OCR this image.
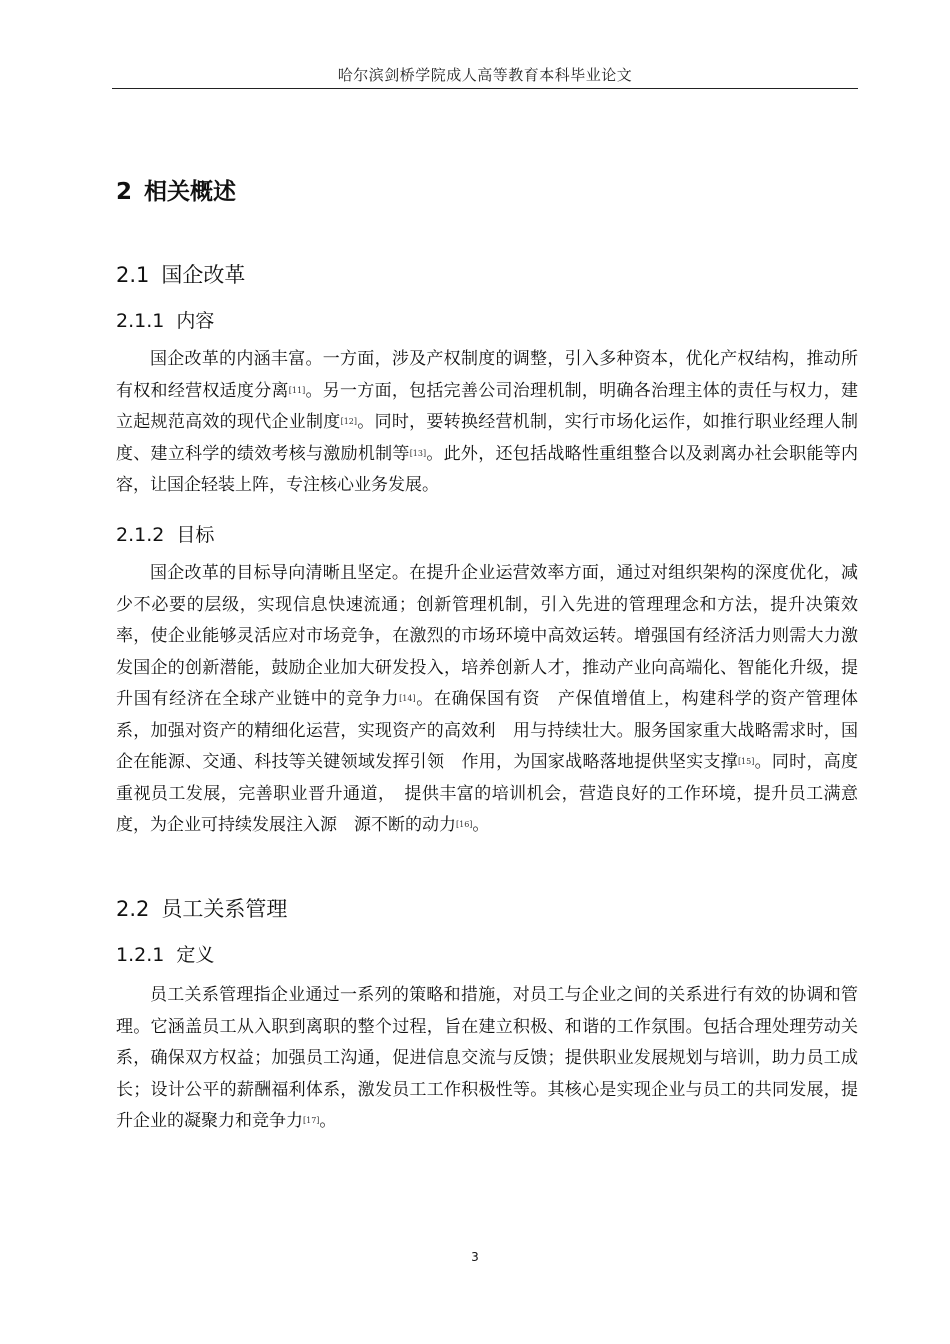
哈尔滨剑桥学院成人高等教育本科毕业论文
2 相关概述
2.1 国企改革
2.1.1 内容

国企改革的内涵丰富。一方面，涉及产权制度的调整，引入多种资本，优化产权结构，推动所有权和经营权适度分离[11]。另一方面，包括完善公司治理机制，明确各治理主体的责任与权力，建立起规范高效的现代企业制度[12]。同时，要转换经营机制，实行市场化运作，如推行职业经理人制度、建立科学的绩效考核与激励机制等[13]。此外，还包括战略性重组整合以及剥离办社会职能等内容，让国企轻装上阵，专注核心业务发展。

2.1.2 目标

国企改革的目标导向清晰且坚定。在提升企业运营效率方面，通过对组织架构的深度优化，减少不必要的层级，实现信息快速流通；创新管理机制，引入先进的管理理念和方法，提升决策效率，使企业能够灵活应对市场竞争，在激烈的市场环境中高效运转。增强国有经济活力则需大力激发国企的创新潜能，鼓励企业加大研发投入，培养创新人才，推动产业向高端化、智能化升级，提升国有经济在全球产业链中的竞争力[14]。在确保国有资　产保值增值上，构建科学的资产管理体系，加强对资产的精细化运营，实现资产的高效利　用与持续壮大。服务国家重大战略需求时，国企在能源、交通、科技等关键领域发挥引领　作用，为国家战略落地提供坚实支撑[15]。同时，高度重视员工发展，完善职业晋升通道，　提供丰富的培训机会，营造良好的工作环境，提升员工满意度，为企业可持续发展注入源　源不断的动力[16]。

2.2 员工关系管理
1.2.1 定义

员工关系管理指企业通过一系列的策略和措施，对员工与企业之间的关系进行有效的协调和管理。它涵盖员工从入职到离职的整个过程，旨在建立积极、和谐的工作氛围。包括合理处理劳动关系，确保双方权益；加强员工沟通，促进信息交流与反馈；提供职业发展规划与培训，助力员工成长；设计公平的薪酬福利体系，激发员工工作积极性等。其核心是实现企业与员工的共同发展，提升企业的凝聚力和竞争力[17]。

3
